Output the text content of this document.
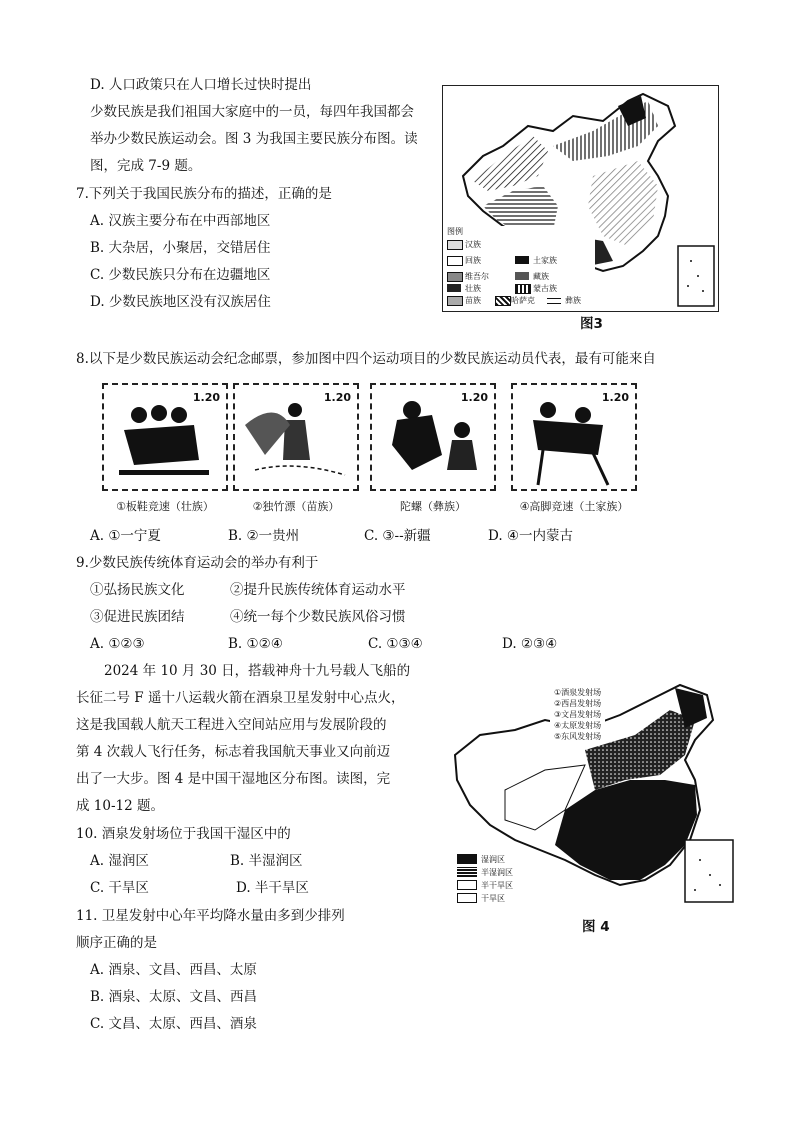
D. 人口政策只在人口增长过快时提出
少数民族是我们祖国大家庭中的一员，每四年我国都会
举办少数民族运动会。图 3 为我国主要民族分布图。读
图，完成 7-9 题。
7.下列关于我国民族分布的描述，正确的是
A. 汉族主要分布在中西部地区
B. 大杂居，小聚居，交错居住
C. 少数民族只分布在边疆地区
D. 少数民族地区没有汉族居住
图例
汉族
回族	土家族
维吾尔	藏族
蒙古族
壮族
苗族	哈萨克	彝族
图3
8.以下是少数民族运动会纪念邮票，参加图中四个运动项目的少数民族运动员代表，最有可能来自
1.20	1.20	1.20	1.20
①板鞋竞速（壮族）	②独竹漂（苗族）	陀螺（彝族）	④高脚竞速（土家族）
A. ①一宁夏	B. ②一贵州	C. ③--新疆	D. ④一内蒙古
9.少数民族传统体育运动会的举办有利于
①弘扬民族文化	②提升民族传统体育运动水平
③促进民族团结	④统一每个少数民族风俗习惯
A. ①②③	B. ①②④	C. ①③④	D. ②③④
2024 年 10 月 30 日，搭载神舟十九号载人飞船的
长征二号 F 遥十八运载火箭在酒泉卫星发射中心点火，
这是我国载人航天工程进入空间站应用与发展阶段的
第 4 次载人飞行任务，标志着我国航天事业又向前迈
出了一大步。图 4 是中国干湿地区分布图。读图，完
成 10-12 题。
10. 酒泉发射场位于我国干湿区中的
A. 湿润区	B. 半湿润区
C. 干旱区	D. 半干旱区
11. 卫星发射中心年平均降水量由多到少排列
顺序正确的是
A. 酒泉、文昌、西昌、太原
B. 酒泉、太原、文昌、西昌
C. 文昌、太原、西昌、酒泉
①酒泉发射场
②西昌发射场
③文昌发射场
④太原发射场
⑤东风发射场
湿润区
半湿润区
半干旱区
干旱区
图 4
